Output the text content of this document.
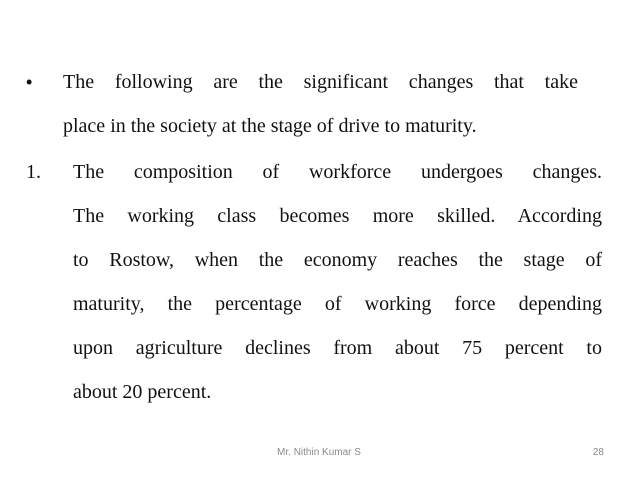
• The following are the significant changes that take
place in the society at the stage of drive to maturity.
1. The composition of workforce undergoes changes.
The working class becomes more skilled. According
to Rostow, when the economy reaches the stage of
maturity, the percentage of working force depending
upon agriculture declines from about 75 percent to
about 20 percent.
Mr. Nithin Kumar S	28
